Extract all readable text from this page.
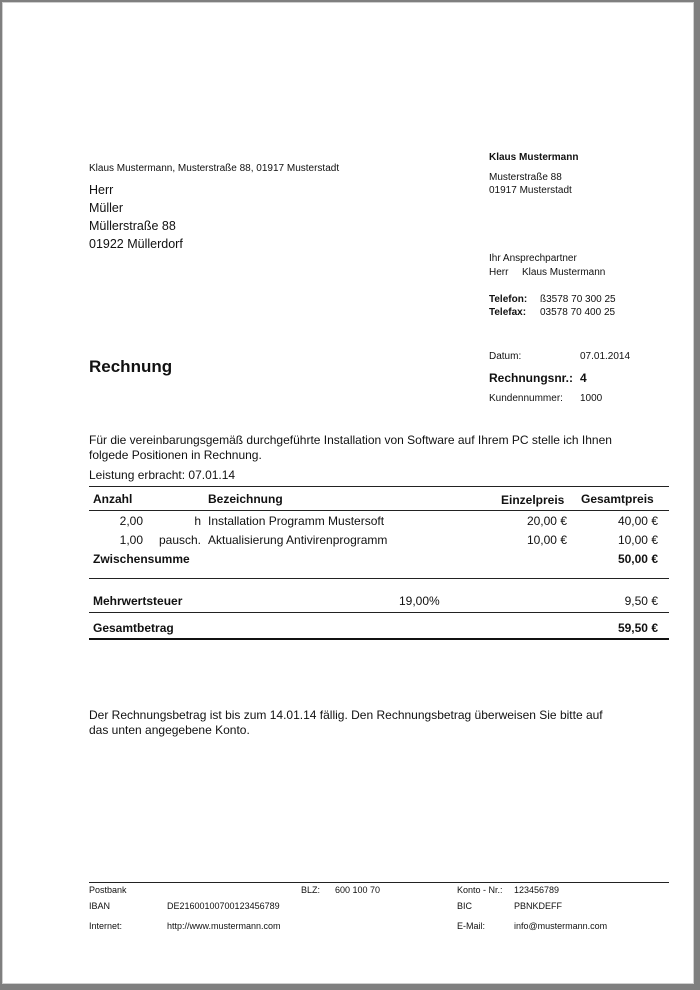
Klaus Mustermann, Musterstraße 88, 01917 Musterstadt
Herr
Müller
Müllerstraße 88
01922 Müllerdorf
Klaus Mustermann
Musterstraße 88
01917 Musterstadt
Ihr Ansprechpartner
Herr Klaus Mustermann
Telefon: ß3578 70 300 25
Telefax: 03578 70 400 25
Rechnung
Datum:	07.01.2014
Rechnungsnr.: 4
Kundennummer: 1000
Für die vereinbarungsgemäß durchgeführte Installation von Software auf Ihrem PC stelle ich Ihnen
folgede Positionen in Rechnung.
Leistung erbracht: 07.01.14
Anzahl	Bezeichnung	Einzelpreis Gesamtpreis
2,00	h Installation Programm Mustersoft	20,00 €	40,00 €
1,00	pausch. Aktualisierung Antivirenprogramm	10,00 €	10,00 €
Zwischensumme	50,00 €
Mehrwertsteuer	19,00%	9,50 €
Gesamtbetrag	59,50 €
Der Rechnungsbetrag ist bis zum 14.01.14 fällig. Den Rechnungsbetrag überweisen Sie bitte auf
das unten angegebene Konto.
Postbank	BLZ: 600 100 70	Konto - Nr.: 123456789
IBAN	DE21600100700123456789	BIC	PBNKDEFF
Internet:	http://www.mustermann.com	E-Mail:	info@mustermann.com
